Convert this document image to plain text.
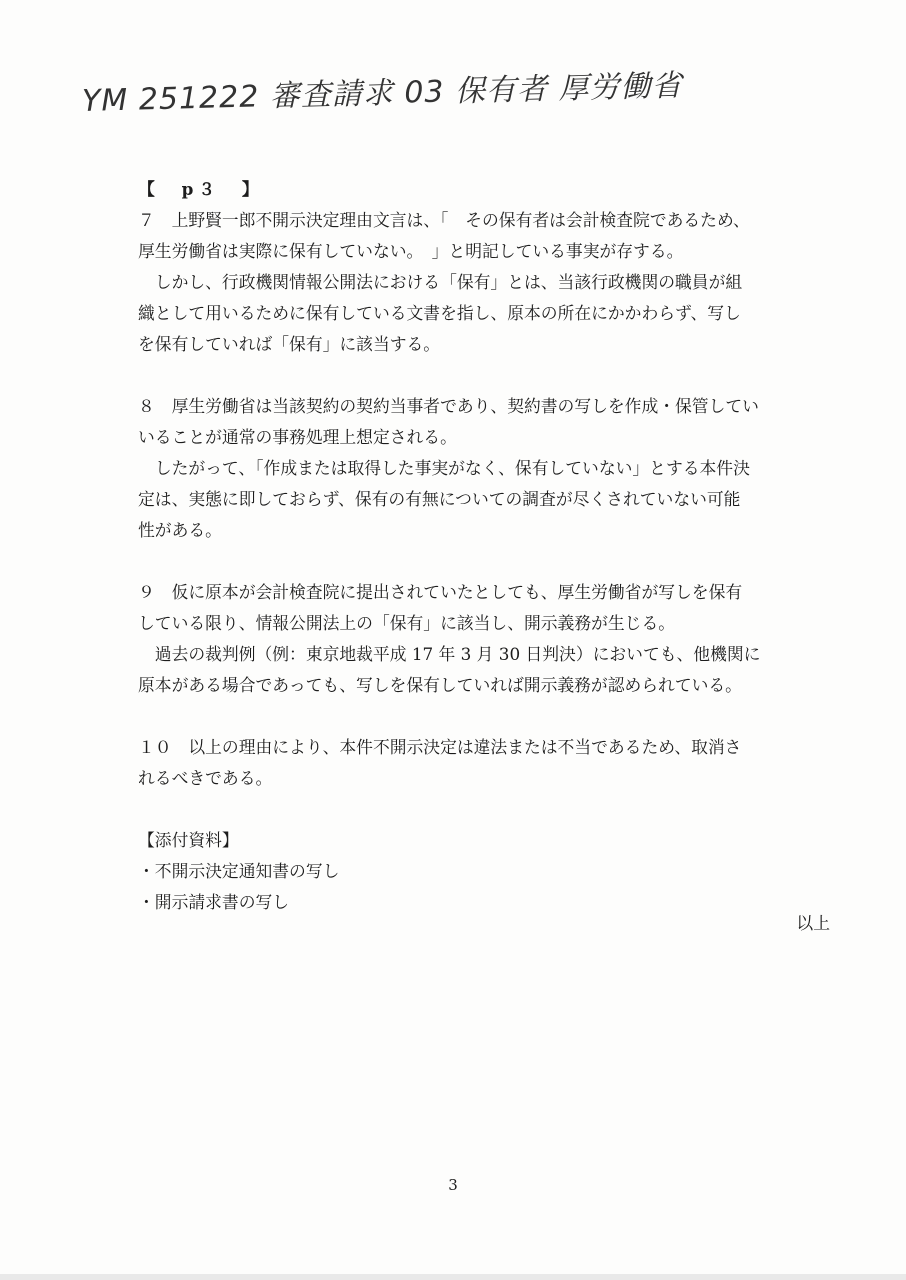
YM 251222 審査請求 03 保有者 厚労働省

【　p３　】

７　上野賢一郎不開示決定理由文言は、「　その保有者は会計検査院であるため、

厚生労働省は実際に保有していない。　」と明記している事実が存する。

しかし、行政機関情報公開法における「保有」とは、当該行政機関の職員が組

織として用いるために保有している文書を指し、原本の所在にかかわらず、写し

を保有していれば「保有」に該当する。

８　厚生労働省は当該契約の契約当事者であり、契約書の写しを作成・保管してい

いることが通常の事務処理上想定される。

したがって、「作成または取得した事実がなく、保有していない」とする本件決

定は、実態に即しておらず、保有の有無についての調査が尽くされていない可能

性がある。

９　仮に原本が会計検査院に提出されていたとしても、厚生労働省が写しを保有

している限り、情報公開法上の「保有」に該当し、開示義務が生じる。

過去の裁判例（例：東京地裁平成 17 年 3 月 30 日判決）においても、他機関に

原本がある場合であっても、写しを保有していれば開示義務が認められている。

１０　以上の理由により、本件不開示決定は違法または不当であるため、取消さ

れるべきである。

【添付資料】

・不開示決定通知書の写し

・開示請求書の写し

以上
3
